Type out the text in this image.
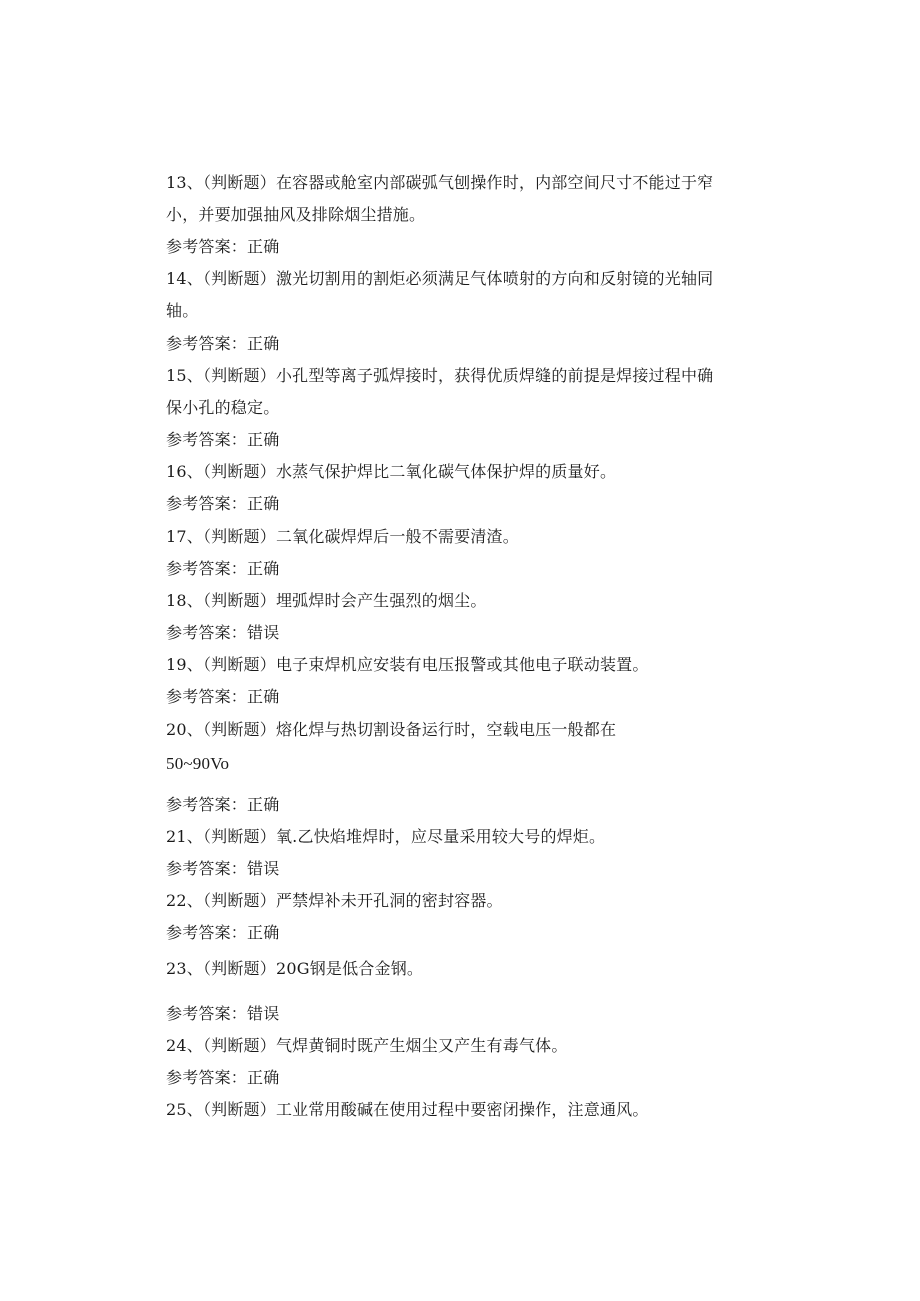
13、（判断题）在容器或舱室内部碳弧气刨操作时，内部空间尺寸不能过于窄
小，并要加强抽风及排除烟尘措施。
参考答案：正确
14、（判断题）激光切割用的割炬必须满足气体喷射的方向和反射镜的光轴同
轴。
参考答案：正确
15、（判断题）小孔型等离子弧焊接时，获得优质焊缝的前提是焊接过程中确
保小孔的稳定。
参考答案：正确
16、（判断题）水蒸气保护焊比二氧化碳气体保护焊的质量好。
参考答案：正确
17、（判断题）二氧化碳焊焊后一般不需要清渣。
参考答案：正确
18、（判断题）埋弧焊时会产生强烈的烟尘。
参考答案：错误
19、（判断题）电子束焊机应安装有电压报警或其他电子联动装置。
参考答案：正确
20、（判断题）熔化焊与热切割设备运行时，空载电压一般都在
50~90Vo
参考答案：正确
21、（判断题）氧.乙快焰堆焊时，应尽量采用较大号的焊炬。
参考答案：错误
22、（判断题）严禁焊补未开孔洞的密封容器。
参考答案：正确
23、（判断题）20G钢是低合金钢。
参考答案：错误
24、（判断题）气焊黄铜时既产生烟尘又产生有毒气体。
参考答案：正确
25、（判断题）工业常用酸碱在使用过程中要密闭操作，注意通风。
